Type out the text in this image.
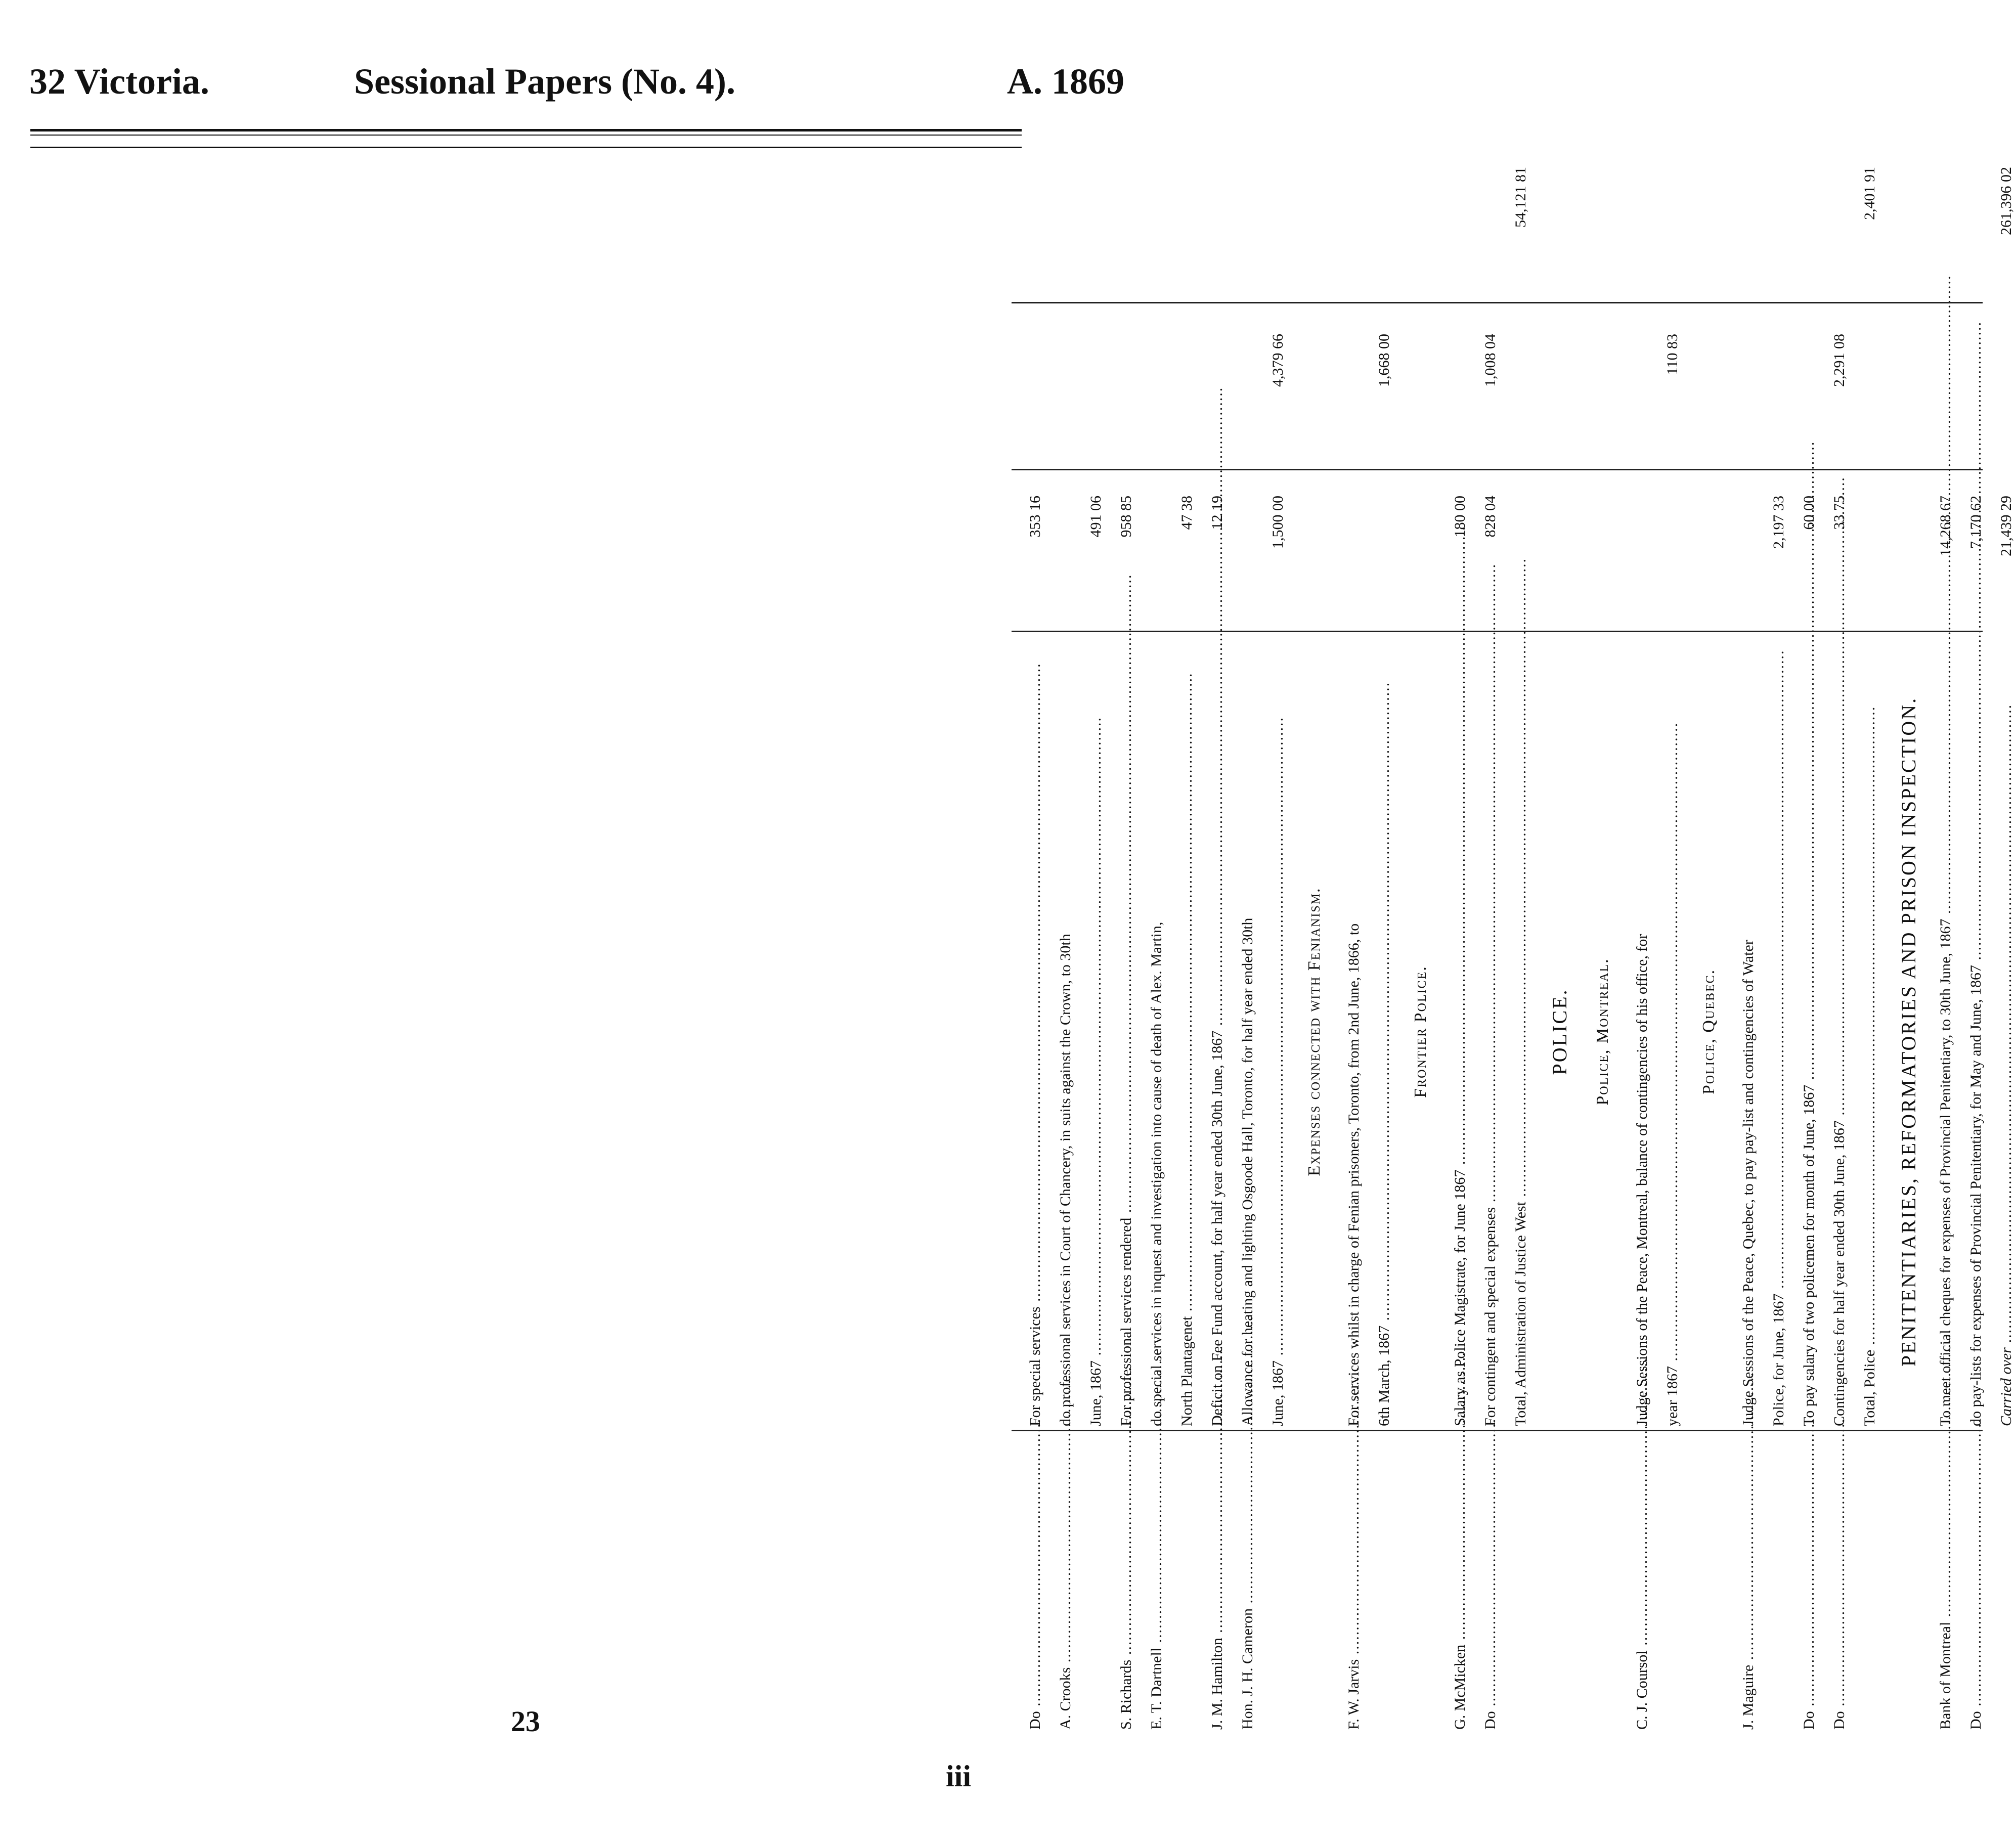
32 Victoria.	Sessional Papers (No. 4).	A. 1869
Do .....
For special services .....
353 16
A. Crooks .....
do professional services in Court of Chancery, in suits against the Crown, to 30th June, 1867 .....
491 06
S. Richards .....
For professional services rendered .....
958 85
E. T. Dartnell .....
do special services in inquest and investigation into cause of death of Alex. Martin, North Plantagenet .....
47 38
J. M. Hamilton .....
Deficit on Fee Fund account, for half year ended 30th June, 1867 .....
12 19
Hon. J. H. Cameron .....
Allowance for heating and lighting Osgoode Hall, Toronto, for half year ended 30th June, 1867 .....
1,500 00
4,379 66
Expenses connected with Fenianism.
F. W. Jarvis .....
For services whilst in charge of Fenian prisoners, Toronto, from 2nd June, 1866, to 6th March, 1867 .....
1,668 00
Frontier Police.
G. McMicken .....
Salary as Police Magistrate, for June 1867 .....
180 00
Do .....
For contingent and special expenses .....
828 04
1,008 04
Total, Administration of Justice West .....
54,121 81
POLICE. Police, Montreal.
C. J. Coursol .....
Judge Sessions of the Peace, Montreal, balance of contingencies of his office, for year 1867 .....
110 83
Police, Quebec.
J. Maguire .....
Judge Sessions of the Peace, Quebec, to pay pay-list and contingencies of Water Police, for June, 1867 .....
2,197 33
Do .....
To pay salary of two policemen for month of June, 1867 .....
60 00
Do .....
Contingencies for half year ended 30th June, 1867 .....
33 75
2,291 08
Total, Police .....
2,401 91
PENITENTIARIES, REFORMATORIES AND PRISON INSPECTION.
Bank of Montreal .....
To meet official cheques for expenses of Provincial Penitentiary, to 30th June, 1867 .....
14,268 67
Do .....
do pay-lists for expenses of Provincial Penitentiary, for May and June, 1867 .....
7,170 62
Carried over .....
21,439 29
261,396 02
23
iii
